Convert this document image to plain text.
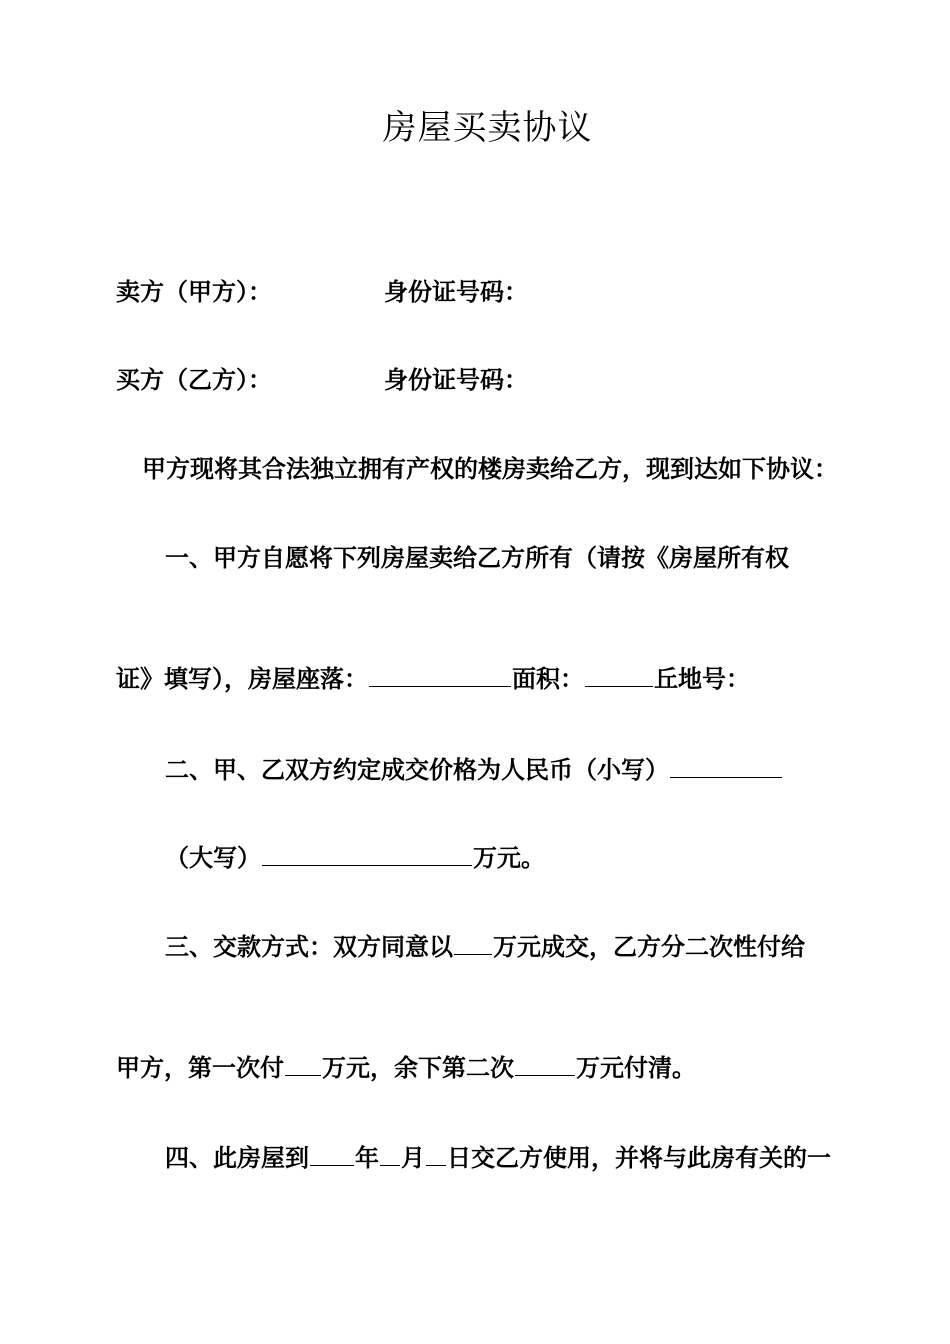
房屋买卖协议
卖方（甲方）：	身份证号码：
买方（乙方）：	身份证号码：
甲方现将其合法独立拥有产权的楼房卖给乙方，现到达如下协议：
一、甲方自愿将下列房屋卖给乙方所有（请按《房屋所有权
证》填写），房屋座落：	面积：	丘地号：
二、甲、乙双方约定成交价格为人民币（小写）
（大写）	万元。
三、交款方式：双方同意以 万元成交，乙方分二次性付给
甲方，第一次付 万元，余下第二次	万元付清。
四、此房屋到 年 月 日交乙方使用，并将与此房有关的一
